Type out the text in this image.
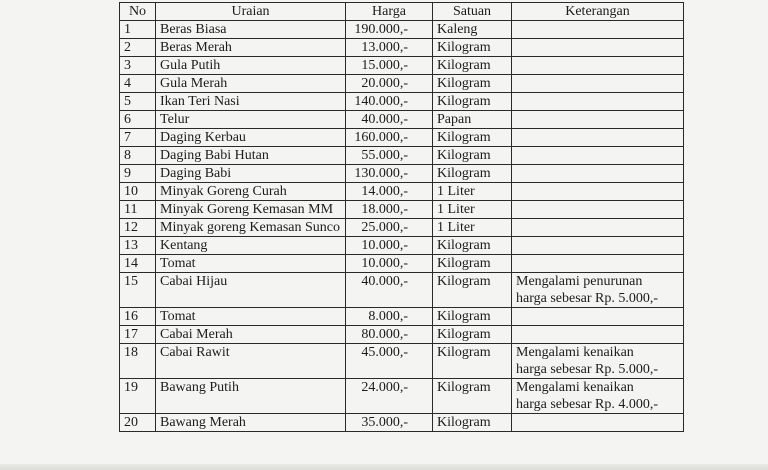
No	Uraian	Harga	Satuan	Keterangan
1	Beras Biasa	190.000,-	Kaleng	
2	Beras Merah	13.000,-	Kilogram	
3	Gula Putih	15.000,-	Kilogram	
4	Gula Merah	20.000,-	Kilogram	
5	Ikan Teri Nasi	140.000,-	Kilogram	
6	Telur	40.000,-	Papan	
7	Daging Kerbau	160.000,-	Kilogram	
8	Daging Babi Hutan	55.000,-	Kilogram	
9	Daging Babi	130.000,-	Kilogram	
10	Minyak Goreng Curah	14.000,-	1 Liter	
11	Minyak Goreng Kemasan MM	18.000,-	1 Liter	
12	Minyak goreng Kemasan Sunco	25.000,-	1 Liter	
13	Kentang	10.000,-	Kilogram	
14	Tomat	10.000,-	Kilogram	
15	Cabai Hijau	40.000,-	Kilogram	Mengalami penurunan
harga sebesar Rp. 5.000,-
16	Tomat	8.000,-	Kilogram	
17	Cabai Merah	80.000,-	Kilogram	
18	Cabai Rawit	45.000,-	Kilogram	Mengalami kenaikan
harga sebesar Rp. 5.000,-
19	Bawang Putih	24.000,-	Kilogram	Mengalami kenaikan
harga sebesar Rp. 4.000,-
20	Bawang Merah	35.000,-	Kilogram	
